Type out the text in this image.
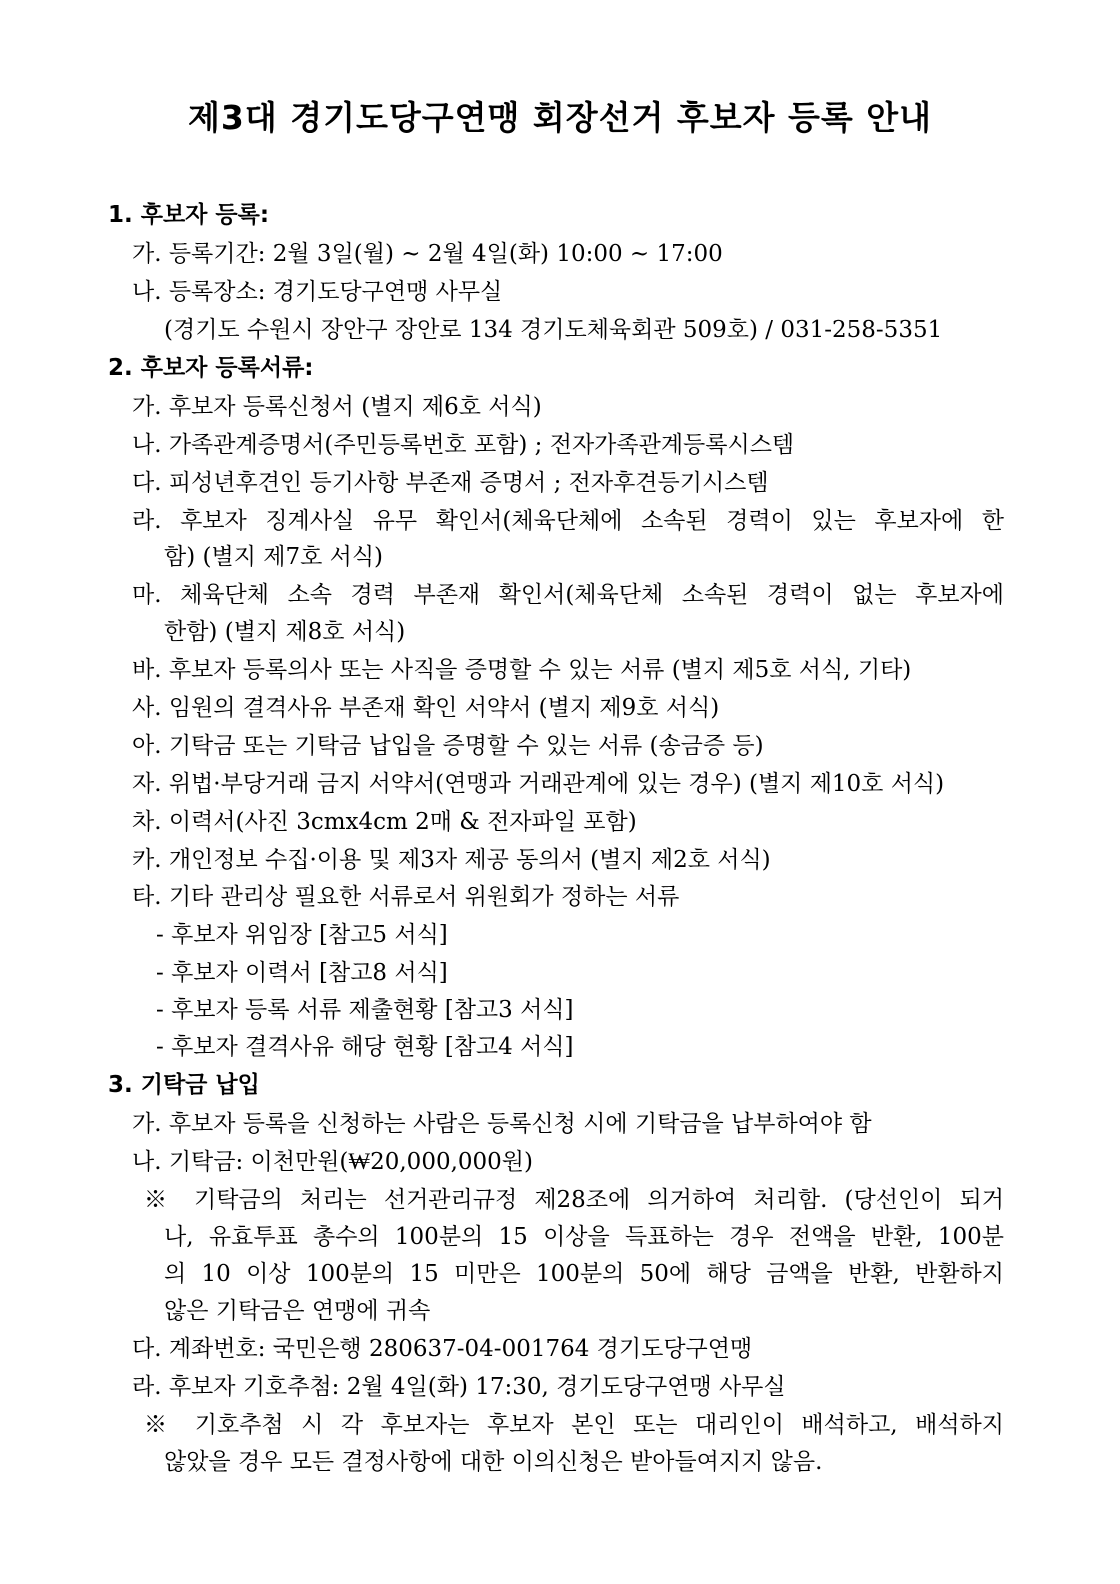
제3대 경기도당구연맹 회장선거 후보자 등록 안내
1. 후보자 등록:
가. 등록기간: 2월 3일(월) ~ 2월 4일(화) 10:00 ~ 17:00
나. 등록장소: 경기도당구연맹 사무실
(경기도 수원시 장안구 장안로 134 경기도체육회관 509호) / 031-258-5351
2. 후보자 등록서류:
가. 후보자 등록신청서 (별지 제6호 서식)
나. 가족관계증명서(주민등록번호 포함) ; 전자가족관계등록시스템
다. 피성년후견인 등기사항 부존재 증명서 ; 전자후견등기시스템
라. 후보자 징계사실 유무 확인서(체육단체에 소속된 경력이 있는 후보자에 한
함) (별지 제7호 서식)
마. 체육단체 소속 경력 부존재 확인서(체육단체 소속된 경력이 없는 후보자에
한함) (별지 제8호 서식)
바. 후보자 등록의사 또는 사직을 증명할 수 있는 서류 (별지 제5호 서식, 기타)
사. 임원의 결격사유 부존재 확인 서약서 (별지 제9호 서식)
아. 기탁금 또는 기탁금 납입을 증명할 수 있는 서류 (송금증 등)
자. 위법·부당거래 금지 서약서(연맹과 거래관계에 있는 경우) (별지 제10호 서식)
차. 이력서(사진 3cmx4cm 2매 & 전자파일 포함)
카. 개인정보 수집·이용 및 제3자 제공 동의서 (별지 제2호 서식)
타. 기타 관리상 필요한 서류로서 위원회가 정하는 서류
- 후보자 위임장 [참고5 서식]
- 후보자 이력서 [참고8 서식]
- 후보자 등록 서류 제출현황 [참고3 서식]
- 후보자 결격사유 해당 현황 [참고4 서식]
3. 기탁금 납입
가. 후보자 등록을 신청하는 사람은 등록신청 시에 기탁금을 납부하여야 함
나. 기탁금: 이천만원(₩20,000,000원)
※ 기탁금의 처리는 선거관리규정 제28조에 의거하여 처리함. (당선인이 되거
나, 유효투표 총수의 100분의 15 이상을 득표하는 경우 전액을 반환, 100분
의 10 이상 100분의 15 미만은 100분의 50에 해당 금액을 반환, 반환하지
않은 기탁금은 연맹에 귀속
다. 계좌번호: 국민은행 280637-04-001764 경기도당구연맹
라. 후보자 기호추첨: 2월 4일(화) 17:30, 경기도당구연맹 사무실
※ 기호추첨 시 각 후보자는 후보자 본인 또는 대리인이 배석하고, 배석하지
않았을 경우 모든 결정사항에 대한 이의신청은 받아들여지지 않음.
